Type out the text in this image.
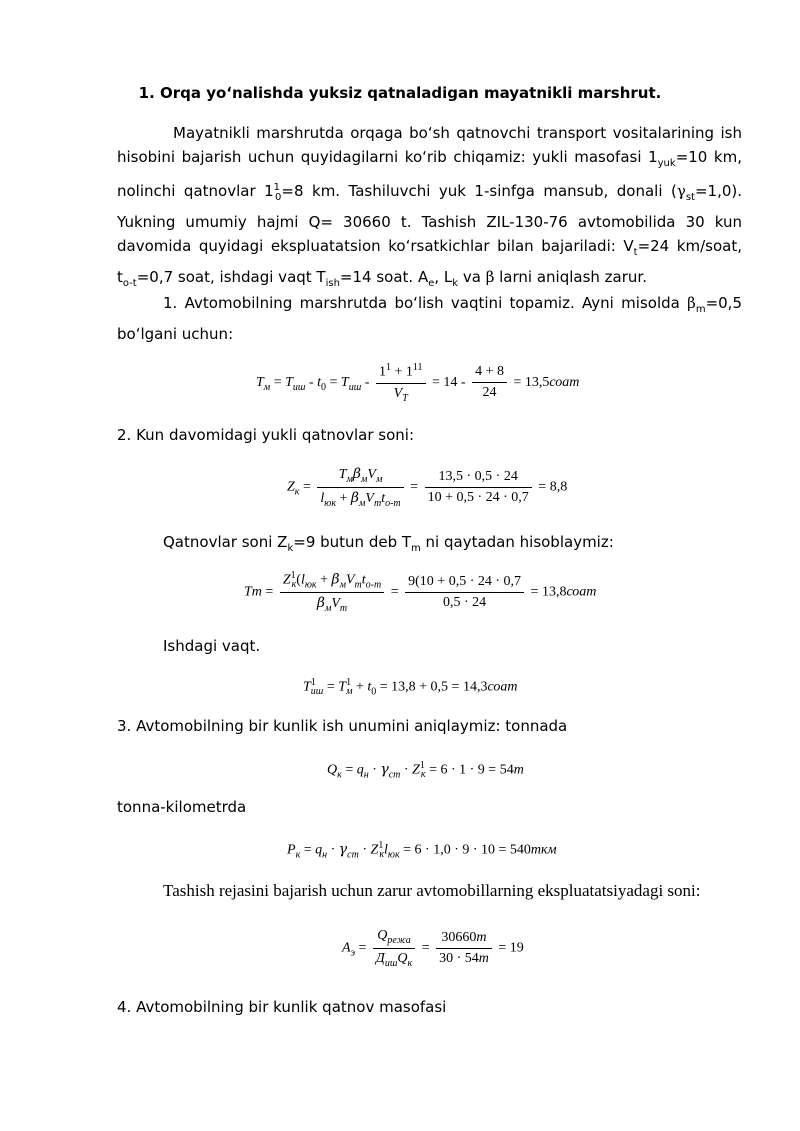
1. Orqa yoʻnalishda yuksiz qatnaladigan mayatnikli marshrut.
Mayatnikli marshrutda orqaga boʻsh qatnovchi transport vositalarining ish hisobini bajarish uchun quyidagilarni koʻrib chiqamiz: yukli masofasi $1_{yuk}=10$ km, nolinchi qatnovlar $1^1_0=8$ km. Tashiluvchi yuk 1-sinfga mansub, donali $(\gamma_{st}=1,0)$. Yukning umumiy hajmi Q= 30660 t. Tashish ZIL-130-76 avtomobilida 30 kun davomida quyidagi ekspluatatsion koʻrsatkichlar bilan bajariladi: $V_t=24$ km/soat, $t_{o-t}=0,7$ soat, ishdagi vaqt $T_{ish}=14$ soat. $A_e$, $L_k$ va β larni aniqlash zarur.
1. Avtomobilning marshrutda boʻlish vaqtini topamiz. Ayni misolda $\beta_m=0,5$ boʻlgani uchun:
$T_м = T_{иш} - t_0 = T_{иш} - \frac{1^1 + 1^{11}}{V_T} = 14 - \frac{4 + 8}{24}$ = 13,5соат
2. Kun davomidagi yukli qatnovlar soni:
$Z_к = \frac{T_м\beta_мV_м}{l_{юк} + \beta_мV_тt_{о-т}} = \frac{13,5 \cdot 0,5 \cdot 24}{10 + 0,5 \cdot 24 \cdot 0,7} = 8,8$
Qatnovlar soni $Z_k=9$ butun deb $T_m$ ni qaytadan hisoblaymiz:
$Tm = \frac{Z^1_к(l_{юк} + \beta_мV_тt_{о-т}}{\beta_мV_т} = \frac{9(10 + 0,5 \cdot 24 \cdot 0,7}{0,5 \cdot 24}$ = 13,8соат
Ishdagi vaqt.
$T^1_{иш} = T^1_м + t_0 = 13,8 + 0,5$ = 14,3соат
3. Avtomobilning bir kunlik ish unumini aniqlaymiz: tonnada
$Q_к = q_н \cdot \gamma_{ст} \cdot Z^1_к = 6 \cdot 1 \cdot 9 = 54т$
tonna-kilometrda
$P_к = q_н \cdot \gamma_{ст} \cdot Z^1_кl_{юк} = 6 \cdot 1,0 \cdot 9 \cdot 10 = 540ткм$
Tashish rejasini bajarish uchun zarur avtomobillarning ekspluatatsiyadagi soni:
$A_э = \frac{Q_{режа}}{Д_{иш}Q_к} = \frac{30660т}{30 \cdot 54т} = 19$
4. Avtomobilning bir kunlik qatnov masofasi
